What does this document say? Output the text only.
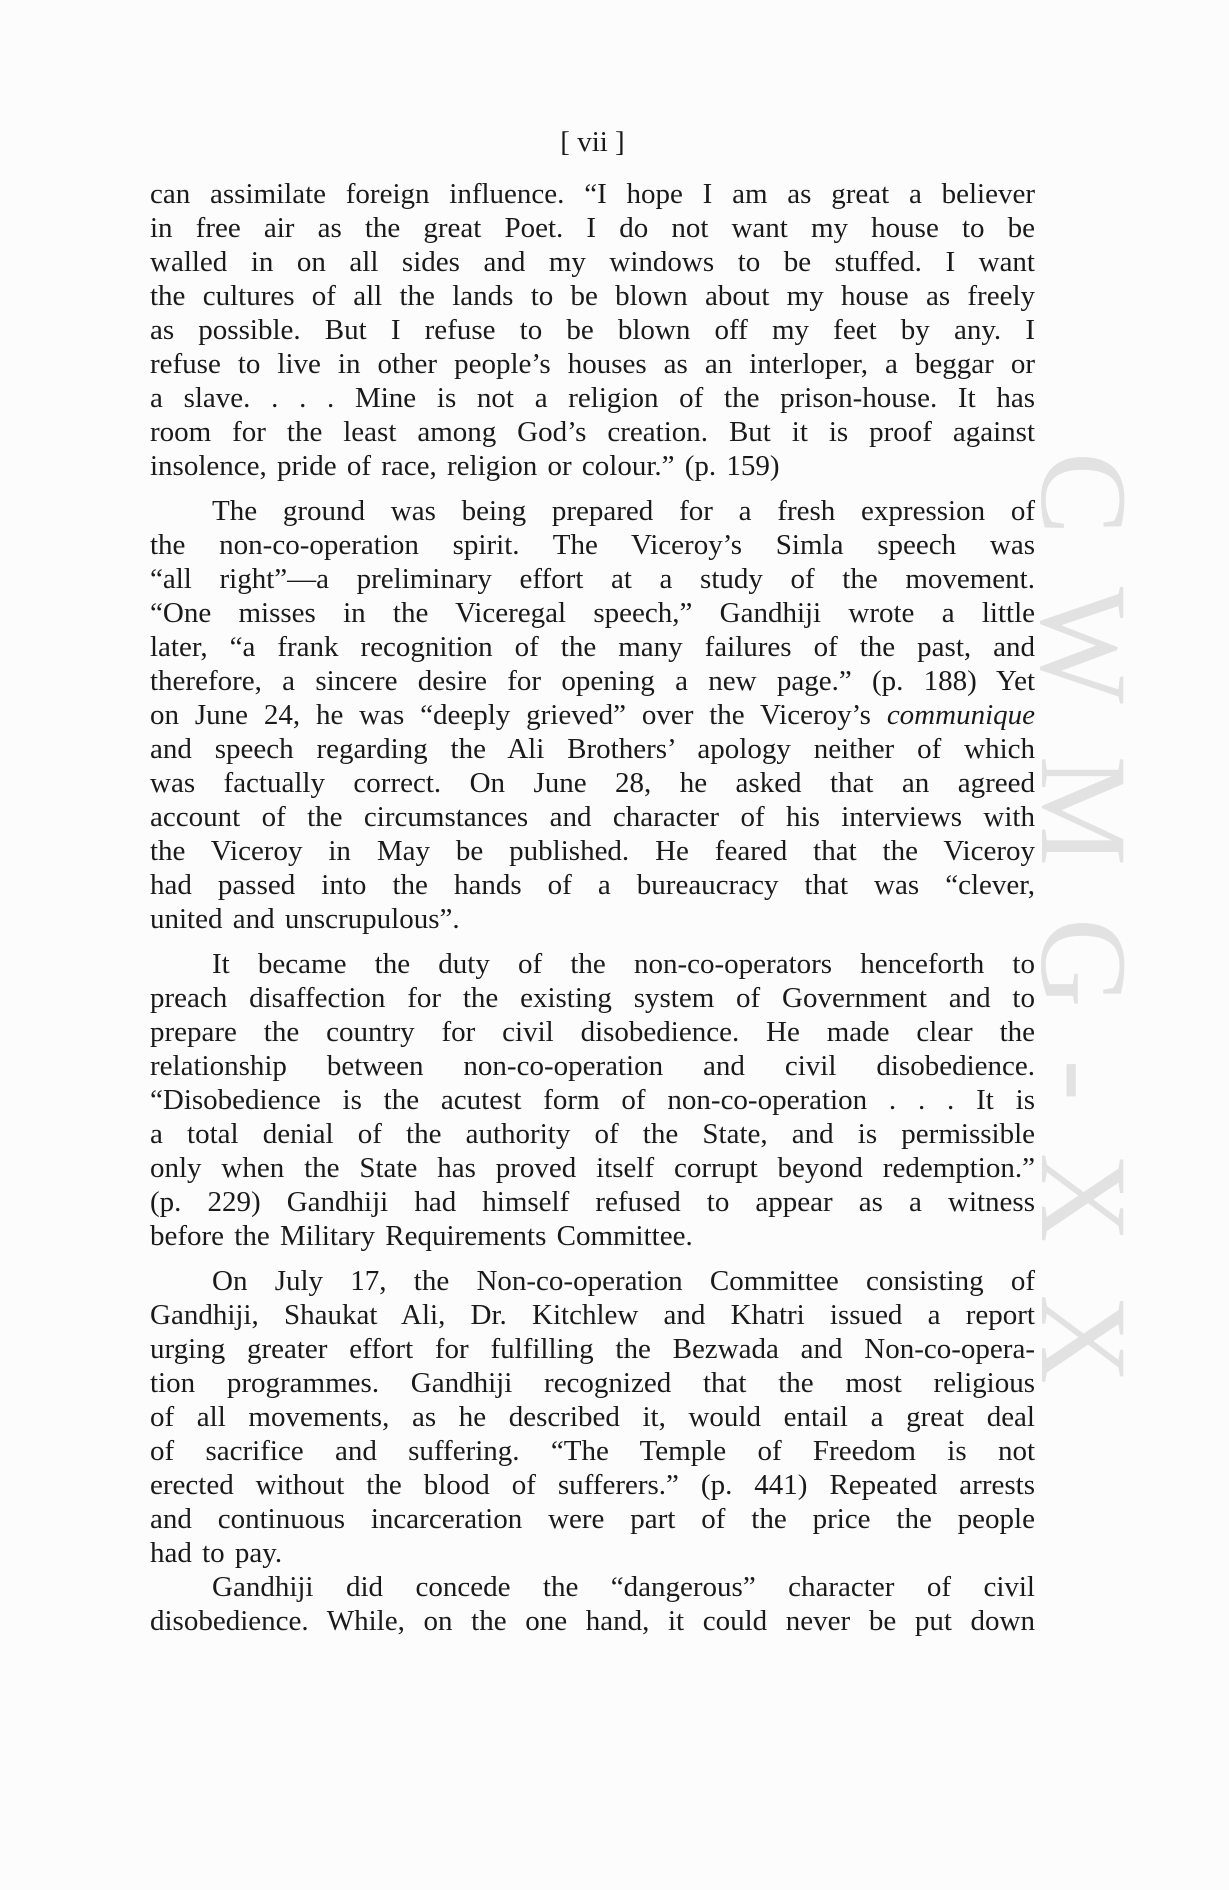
CWMG-XX
[ vii ]

can assimilate foreign influence. “I hope I am as great a believer
in free air as the great Poet. I do not want my house to be
walled in on all sides and my windows to be stuffed. I want
the cultures of all the lands to be blown about my house as freely
as possible. But I refuse to be blown off my feet by any. I
refuse to live in other people’s houses as an interloper, a beggar or
a slave. . . . Mine is not a religion of the prison-house. It has
room for the least among God’s creation. But it is proof against
insolence, pride of race, religion or colour.” (p. 159)

The ground was being prepared for a fresh expression of
the non-co-operation spirit. The Viceroy’s Simla speech was
“all right”—a preliminary effort at a study of the movement.
“One misses in the Viceregal speech,” Gandhiji wrote a little
later, “a frank recognition of the many failures of the past, and
therefore, a sincere desire for opening a new page.” (p. 188) Yet
on June 24, he was “deeply grieved” over the Viceroy’s communique
and speech regarding the Ali Brothers’ apology neither of which
was factually correct. On June 28, he asked that an agreed
account of the circumstances and character of his interviews with
the Viceroy in May be published. He feared that the Viceroy
had passed into the hands of a bureaucracy that was “clever,
united and unscrupulous”.

It became the duty of the non-co-operators henceforth to
preach disaffection for the existing system of Government and to
prepare the country for civil disobedience. He made clear the
relationship between non-co-operation and civil disobedience.
“Disobedience is the acutest form of non-co-operation . . . It is
a total denial of the authority of the State, and is permissible
only when the State has proved itself corrupt beyond redemption.”
(p. 229) Gandhiji had himself refused to appear as a witness
before the Military Requirements Committee.

On July 17, the Non-co-operation Committee consisting of
Gandhiji, Shaukat Ali, Dr. Kitchlew and Khatri issued a report
urging greater effort for fulfilling the Bezwada and Non-co-opera-
tion programmes. Gandhiji recognized that the most religious
of all movements, as he described it, would entail a great deal
of sacrifice and suffering. “The Temple of Freedom is not
erected without the blood of sufferers.” (p. 441) Repeated arrests
and continuous incarceration were part of the price the people
had to pay.

Gandhiji did concede the “dangerous” character of civil
disobedience. While, on the one hand, it could never be put down
